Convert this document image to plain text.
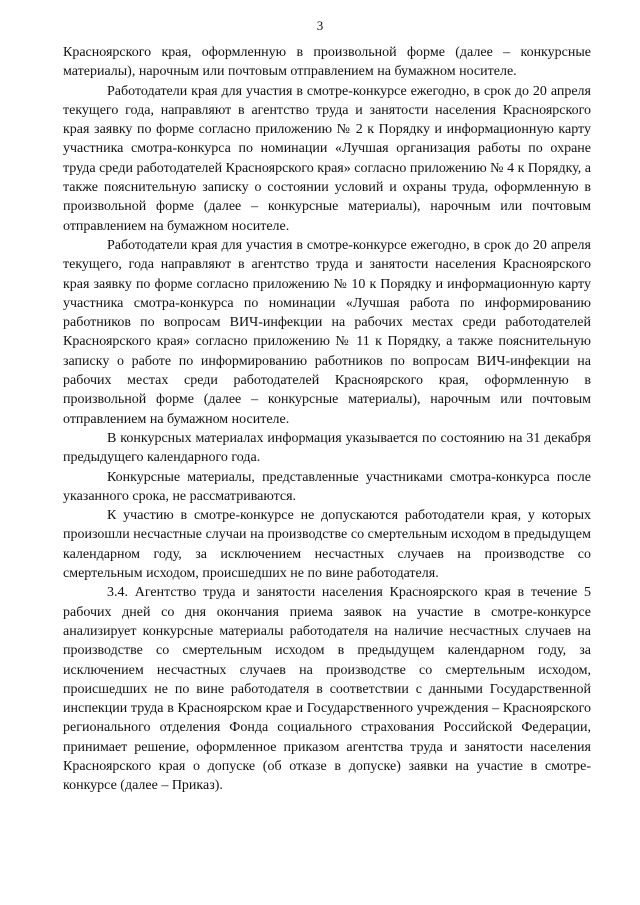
3

Красноярского края, оформленную в произвольной форме (далее – конкурсные материалы), нарочным или почтовым отправлением на бумажном носителе.

Работодатели края для участия в смотре-конкурсе ежегодно, в срок до 20 апреля текущего года, направляют в агентство труда и занятости населения Красноярского края заявку по форме согласно приложению № 2 к Порядку и информационную карту участника смотра-конкурса по номинации «Лучшая организация работы по охране труда среди работодателей Красноярского края» согласно приложению № 4 к Порядку, а также пояснительную записку о состоянии условий и охраны труда, оформленную в произвольной форме (далее – конкурсные материалы), нарочным или почтовым отправлением на бумажном носителе.

Работодатели края для участия в смотре-конкурсе ежегодно, в срок до 20 апреля текущего, года направляют в агентство труда и занятости населения Красноярского края заявку по форме согласно приложению № 10 к Порядку и информационную карту участника смотра-конкурса по номинации «Лучшая работа по информированию работников по вопросам ВИЧ-инфекции на рабочих местах среди работодателей Красноярского края» согласно приложению № 11 к Порядку, а также пояснительную записку о работе по информированию работников по вопросам ВИЧ-инфекции на рабочих местах среди работодателей Красноярского края, оформленную в произвольной форме (далее – конкурсные материалы), нарочным или почтовым отправлением на бумажном носителе.

В конкурсных материалах информация указывается по состоянию на 31 декабря предыдущего календарного года.

Конкурсные материалы, представленные участниками смотра-конкурса после указанного срока, не рассматриваются.

К участию в смотре-конкурсе не допускаются работодатели края, у которых произошли несчастные случаи на производстве со смертельным исходом в предыдущем календарном году, за исключением несчастных случаев на производстве со смертельным исходом, происшедших не по вине работодателя.

3.4. Агентство труда и занятости населения Красноярского края в течение 5 рабочих дней со дня окончания приема заявок на участие в смотре-конкурсе анализирует конкурсные материалы работодателя на наличие несчастных случаев на производстве со смертельным исходом в предыдущем календарном году, за исключением несчастных случаев на производстве со смертельным исходом, происшедших не по вине работодателя в соответствии с данными Государственной инспекции труда в Красноярском крае и Государственного учреждения – Красноярского регионального отделения Фонда социального страхования Российской Федерации, принимает решение, оформленное приказом агентства труда и занятости населения Красноярского края о допуске (об отказе в допуске) заявки на участие в смотре-конкурсе (далее – Приказ).
